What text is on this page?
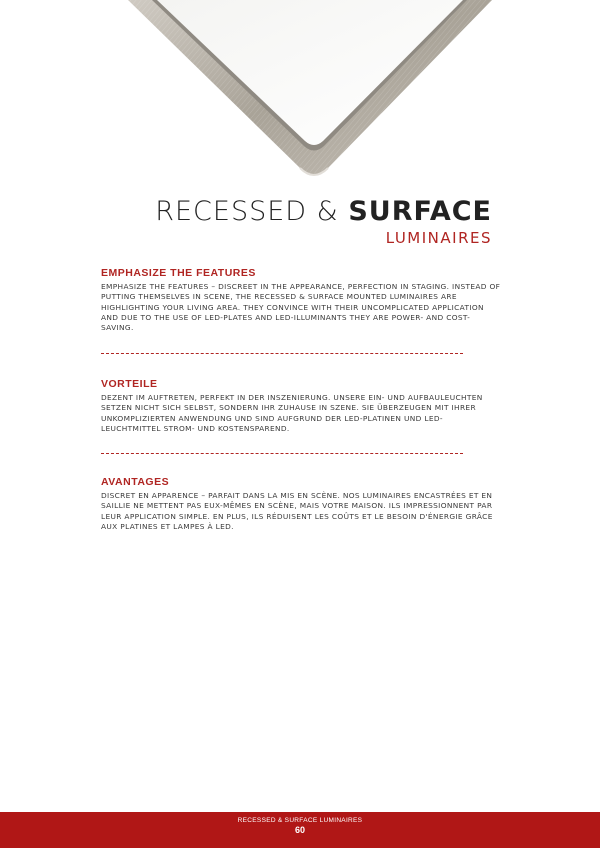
RECESSED & SURFACE
LUMINAIRES
EMPHASIZE THE FEATURES

EMPHASIZE THE FEATURES – DISCREET IN THE APPEARANCE, PERFECTION IN STAGING. INSTEAD OF PUTTING THEMSELVES IN SCENE, THE RECESSED & SURFACE MOUNTED LUMINAIRES ARE HIGHLIGHTING YOUR LIVING AREA. THEY CONVINCE WITH THEIR UNCOMPLICATED APPLICATION AND DUE TO THE USE OF LED-PLATES AND LED-ILLUMINANTS THEY ARE POWER- AND COST-SAVING.

VORTEILE

DEZENT IM AUFTRETEN, PERFEKT IN DER INSZENIERUNG. UNSERE EIN- UND AUFBAULEUCHTEN SETZEN NICHT SICH SELBST, SONDERN IHR ZUHAUSE IN SZENE. SIE ÜBERZEUGEN MIT IHRER UNKOMPLIZIERTEN ANWENDUNG UND SIND AUFGRUND DER LED-PLATINEN UND LED-LEUCHTMITTEL STROM- UND KOSTENSPAREND.

AVANTAGES

DISCRET EN APPARENCE – PARFAIT DANS LA MIS EN SCÈNE. NOS LUMINAIRES ENCASTRÉES ET EN SAILLIE NE METTENT PAS EUX-MÊMES EN SCÈNE, MAIS VOTRE MAISON. ILS IMPRESSIONNENT PAR LEUR APPLICATION SIMPLE. EN PLUS, ILS RÉDUISENT LES COÛTS ET LE BESOIN D'ÉNERGIE GRÂCE AUX PLATINES ET LAMPES À LED.

RECESSED & SURFACE LUMINAIRES
60
